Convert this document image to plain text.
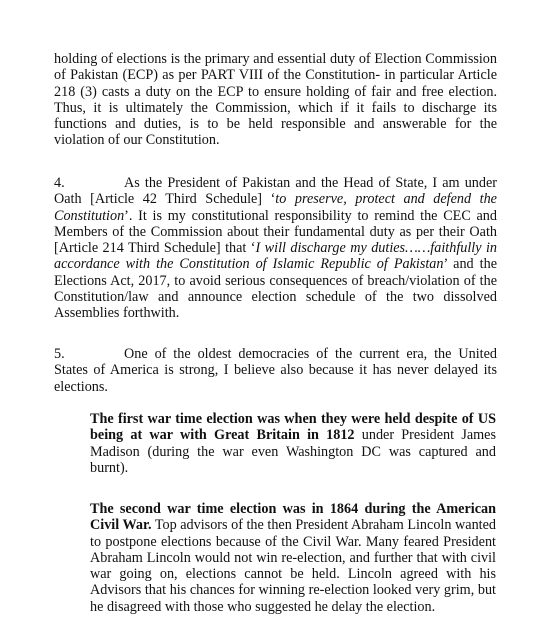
holding of elections is the primary and essential duty of Election Commission of Pakistan (ECP) as per PART VIII of the Constitution- in particular Article 218 (3) casts a duty on the ECP to ensure holding of fair and free election. Thus, it is ultimately the Commission, which if it fails to discharge its functions and duties, is to be held responsible and answerable for the violation of our Constitution.

4.	As the President of Pakistan and the Head of State, I am under Oath [Article 42 Third Schedule] ‘to preserve, protect and defend the Constitution’. It is my constitutional responsibility to remind the CEC and Members of the Commission about their fundamental duty as per their Oath [Article 214 Third Schedule] that ‘I will discharge my duties……faithfully in accordance with the Constitution of Islamic Republic of Pakistan’ and the Elections Act, 2017, to avoid serious consequences of breach/violation of the Constitution/law and announce election schedule of the two dissolved Assemblies forthwith.

5.	One of the oldest democracies of the current era, the United States of America is strong, I believe also because it has never delayed its elections.

The first war time election was when they were held despite of US being at war with Great Britain in 1812 under President James Madison (during the war even Washington DC was captured and burnt).

The second war time election was in 1864 during the American Civil War. Top advisors of the then President Abraham Lincoln wanted to postpone elections because of the Civil War. Many feared President Abraham Lincoln would not win re-election, and further that with civil war going on, elections cannot be held. Lincoln agreed with his Advisors that his chances for winning re-election looked very grim, but he disagreed with those who suggested he delay the election.
